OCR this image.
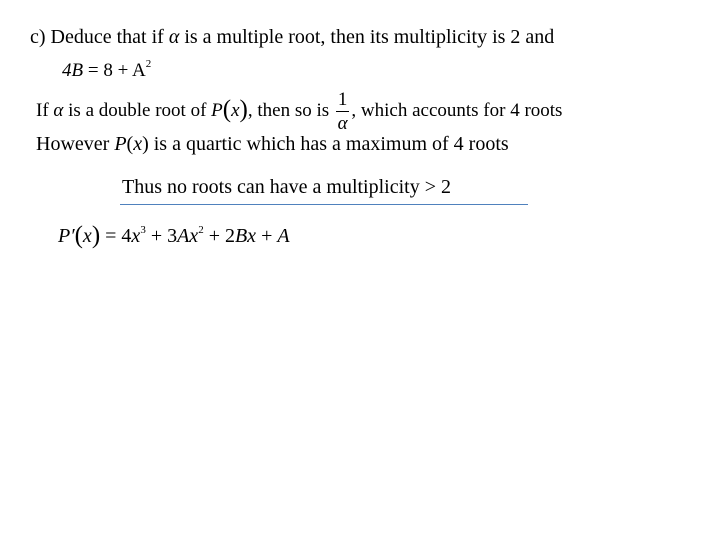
c) Deduce that if α is a multiple root, then its multiplicity is 2 and
$4B = 8 + A^2$
If α is a double root of P(x), then so is $\frac{1}{\alpha}$ , which accounts for 4 roots
However P(x) is a quartic which has a maximum of 4 roots
Thus no roots can have a multiplicity > 2
$P'(x) = 4x^3 + 3Ax^2 + 2Bx + A$
